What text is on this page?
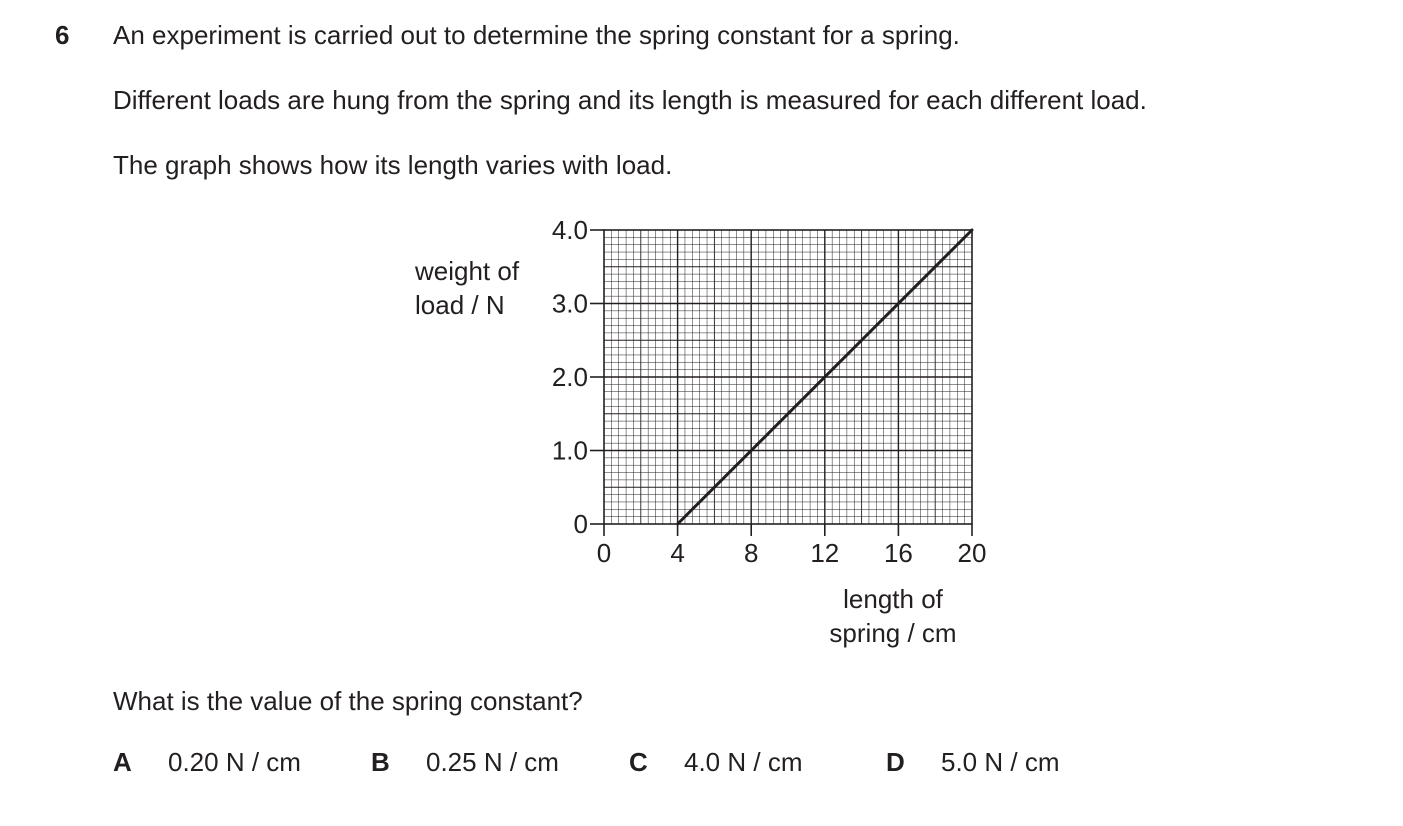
6 An experiment is carried out to determine the spring constant for a spring.
Different loads are hung from the spring and its length is measured for each different load.
The graph shows how its length varies with load.
0
1.0
2.0
3.0
4.0
0 4 8 12 16 20
weight of
load / N
length of
spring / cm
What is the value of the spring constant?
A 0.20 N / cm	B 0.25 N / cm	C 4.0 N / cm	D 5.0 N / cm
